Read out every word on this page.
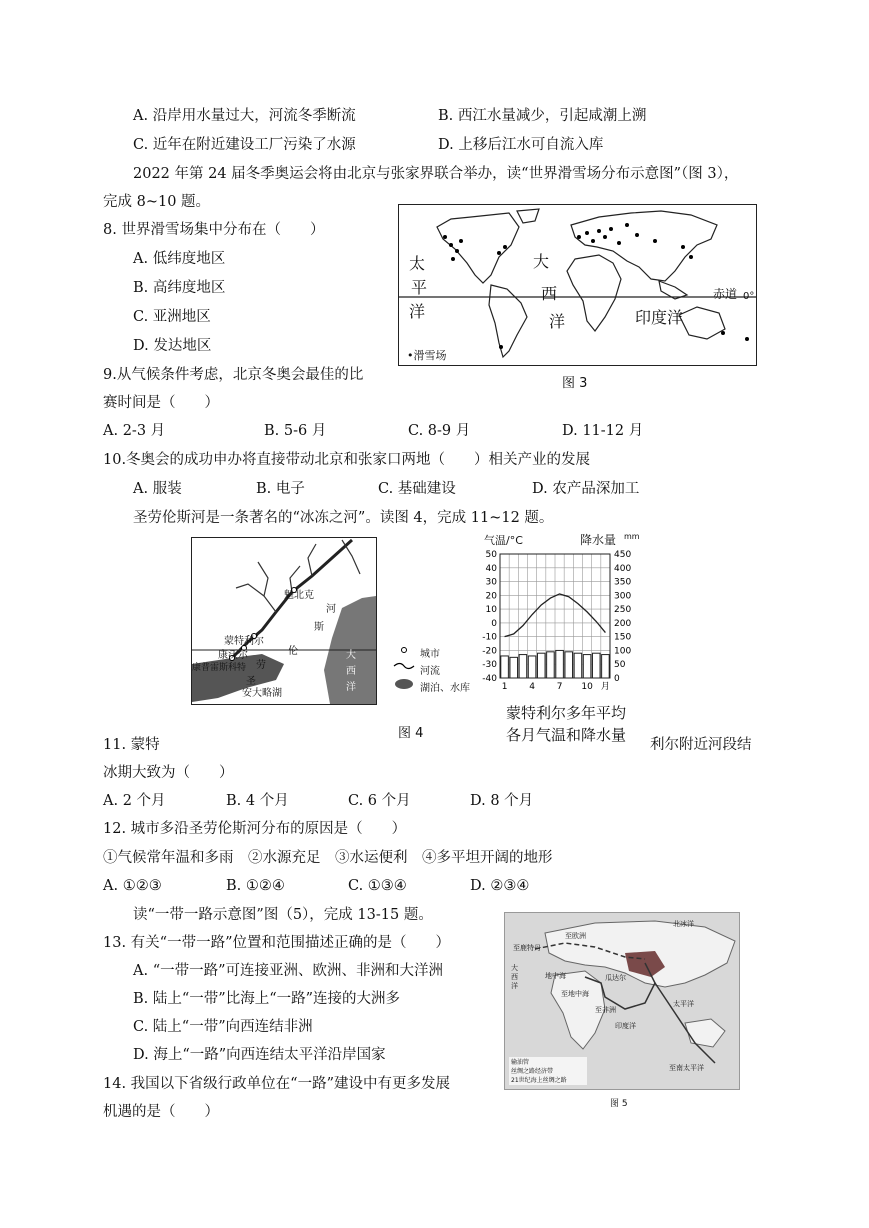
A. 沿岸用水量过大，河流冬季断流	B. 西江水量减少，引起咸潮上溯
C. 近年在附近建设工厂污染了水源	D. 上移后江水可自流入库
2022 年第 24 届冬季奥运会将由北京与张家界联合举办，读“世界滑雪场分布示意图”（图 3），
完成 8~10 题。
8. 世界滑雪场集中分布在（　　）
A. 低纬度地区
B. 高纬度地区
C. 亚洲地区
D. 发达地区
太
平
洋
大
西
洋	印度洋
赤道 0°
•滑雪场
图 3
9.从气候条件考虑，北京冬奥会最佳的比
赛时间是（　　）
A. 2-3 月	B. 5-6 月	C. 8-9 月	D. 11-12 月
10.冬奥会的成功申办将直接带动北京和张家口两地（　　）相关产业的发展
A. 服装	B. 电子	C. 基础建设	D. 农产品深加工
圣劳伦斯河是一条著名的“冰冻之河”。读图 4，完成 11~12 题。
魁北克
河
斯
蒙特利尔
伦
康沃尔
康普雷斯科特 劳
圣
安大略湖
大
西
洋
城市
河流
湖泊、水库
图 4
气温/°C	降水量 mm
50	450
40	400
30	350
20	300
10	250
0	200
-10	150
-20	100
-30	50
-40	0
1 4 7 10 月
蒙特利尔多年平均
各月气温和降水量
11. 蒙特	利尔附近河段结
冰期大致为（　　）
A. 2 个月	B. 4 个月	C. 6 个月	D. 8 个月
12. 城市多沿圣劳伦斯河分布的原因是（　　）
①气候常年温和多雨　②水源充足　③水运便利　④多平坦开阔的地形
A. ①②③	B. ①②④	C. ①③④	D. ②③④
读“一带一路示意图”图（5），完成 13-15 题。
13. 有关“一带一路”位置和范围描述正确的是（　　）
A. “一带一路”可连接亚洲、欧洲、非洲和大洋洲
B. 陆上“一带”比海上“一路”连接的大洲多
C. 陆上“一带”向西连结非洲
D. 海上“一路”向西连结太平洋沿岸国家
14. 我国以下省级行政单位在“一路”建设中有更多发展
机遇的是（　　）
北冰洋
至鹿特丹
至欧洲
大
西
洋
地中海	瓜达尔
至地中海
至非洲
印度洋
太平洋
至南太平洋
输油管
丝绸之路经济带
21世纪海上丝绸之路
图 5
